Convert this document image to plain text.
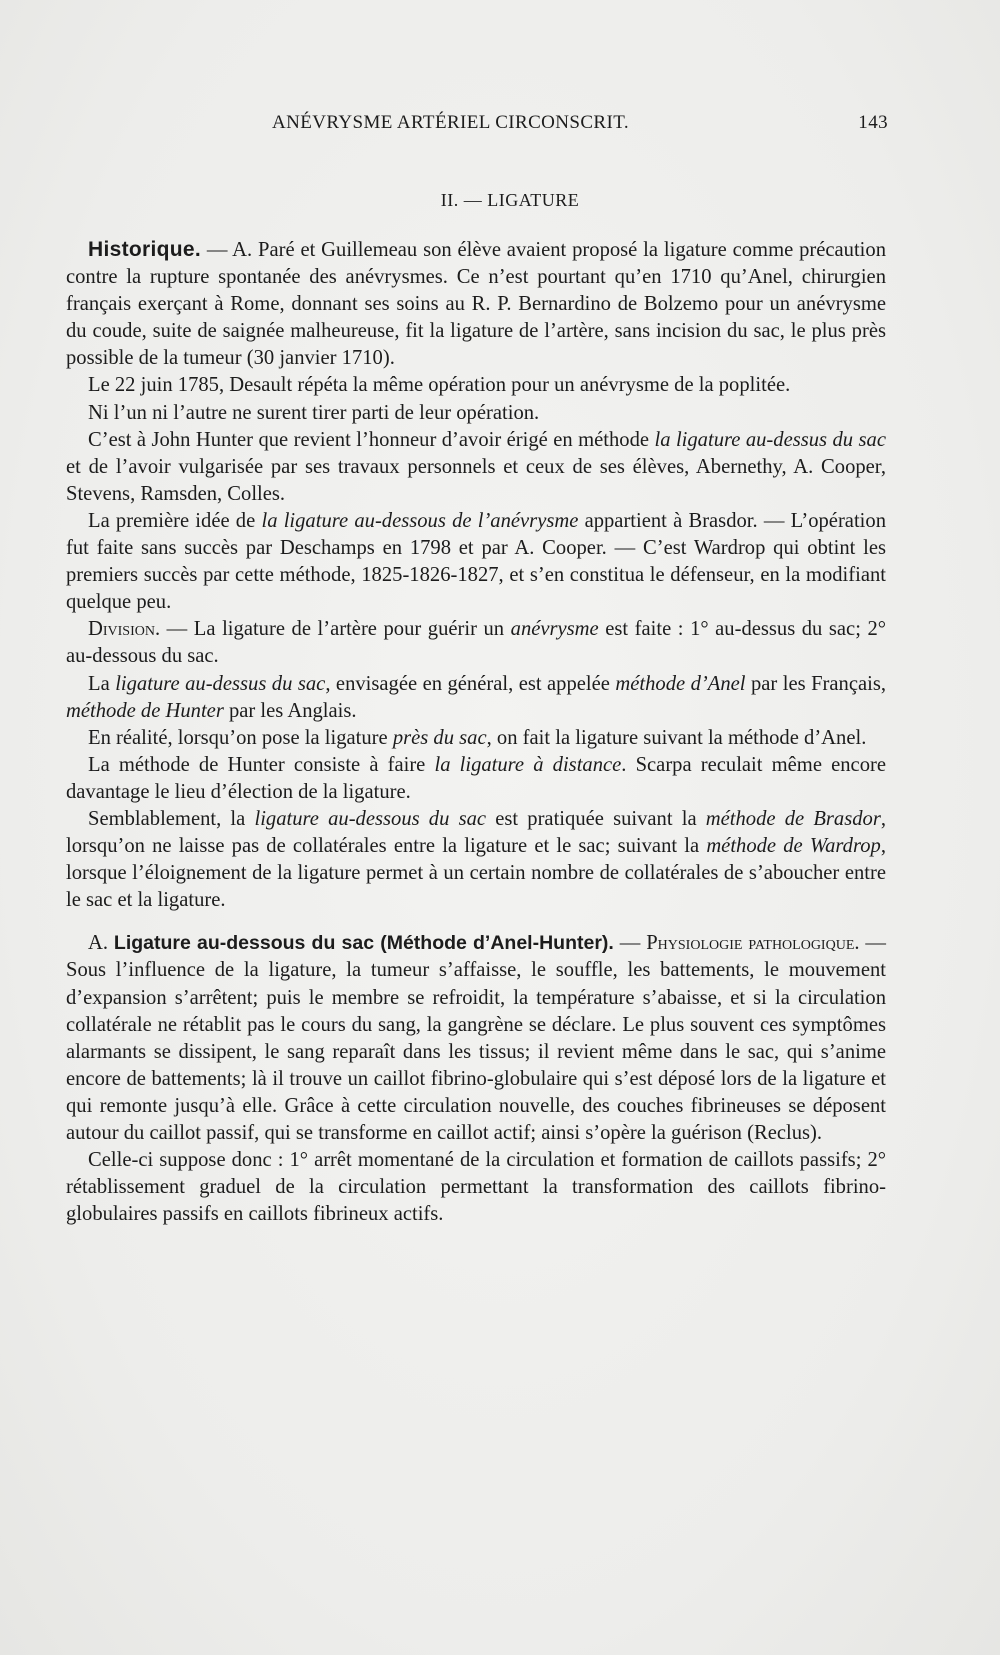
ANÉVRYSME ARTÉRIEL CIRCONSCRIT.	143
II. — LIGATURE

Historique. — A. Paré et Guillemeau son élève avaient proposé la ligature comme précaution contre la rupture spontanée des anévrysmes. Ce n’est pourtant qu’en 1710 qu’Anel, chirurgien français exerçant à Rome, donnant ses soins au R. P. Bernardino de Bolzemo pour un anévrysme du coude, suite de saignée malheureuse, fit la ligature de l’artère, sans incision du sac, le plus près possible de la tumeur (30 janvier 1710).

Le 22 juin 1785, Desault répéta la même opération pour un anévrysme de la poplitée.

Ni l’un ni l’autre ne surent tirer parti de leur opération.

C’est à John Hunter que revient l’honneur d’avoir érigé en méthode la ligature au-dessus du sac et de l’avoir vulgarisée par ses travaux personnels et ceux de ses élèves, Abernethy, A. Cooper, Stevens, Ramsden, Colles.

La première idée de la ligature au-dessous de l’anévrysme appartient à Brasdor. — L’opération fut faite sans succès par Deschamps en 1798 et par A. Cooper. — C’est Wardrop qui obtint les premiers succès par cette méthode, 1825-1826-1827, et s’en constitua le défenseur, en la modifiant quelque peu.

Division. — La ligature de l’artère pour guérir un anévrysme est faite : 1° au-dessus du sac; 2° au-dessous du sac.

La ligature au-dessus du sac, envisagée en général, est appelée méthode d’Anel par les Français, méthode de Hunter par les Anglais.

En réalité, lorsqu’on pose la ligature près du sac, on fait la ligature suivant la méthode d’Anel.

La méthode de Hunter consiste à faire la ligature à distance. Scarpa reculait même encore davantage le lieu d’élection de la ligature.

Semblablement, la ligature au-dessous du sac est pratiquée suivant la méthode de Brasdor, lorsqu’on ne laisse pas de collatérales entre la ligature et le sac; suivant la méthode de Wardrop, lorsque l’éloignement de la ligature permet à un certain nombre de collatérales de s’aboucher entre le sac et la ligature.

A. Ligature au-dessous du sac (Méthode d’Anel-Hunter). — Physiologie pathologique. — Sous l’influence de la ligature, la tumeur s’affaisse, le souffle, les battements, le mouvement d’expansion s’arrêtent; puis le membre se refroidit, la température s’abaisse, et si la circulation collatérale ne rétablit pas le cours du sang, la gangrène se déclare. Le plus souvent ces symptômes alarmants se dissipent, le sang reparaît dans les tissus; il revient même dans le sac, qui s’anime encore de battements; là il trouve un caillot fibrino-globulaire qui s’est déposé lors de la ligature et qui remonte jusqu’à elle. Grâce à cette circulation nouvelle, des couches fibrineuses se déposent autour du caillot passif, qui se transforme en caillot actif; ainsi s’opère la guérison (Reclus).

Celle-ci suppose donc : 1° arrêt momentané de la circulation et formation de caillots passifs; 2° rétablissement graduel de la circulation permettant la transformation des caillots fibrino-globulaires passifs en caillots fibrineux actifs.
